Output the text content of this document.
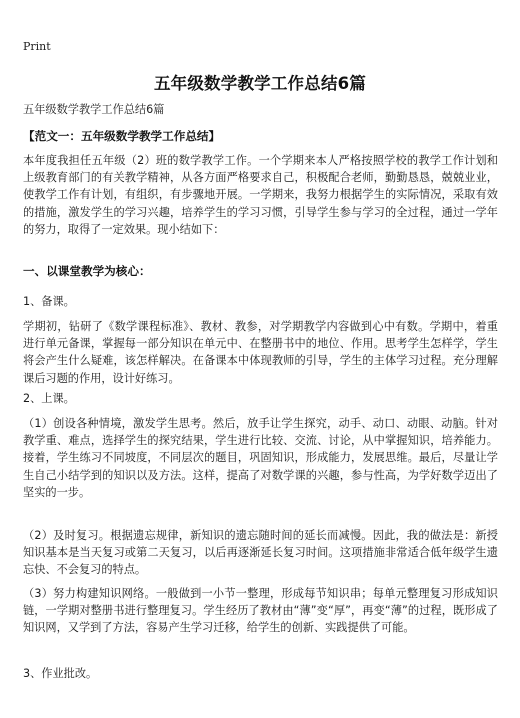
Print
五年级数学教学工作总结6篇
五年级数学教学工作总结6篇
【范文一：五年级数学教学工作总结】

本年度我担任五年级（2）班的数学教学工作。一个学期来本人严格按照学校的教学工作计划和上级教育部门的有关教学精神，从各方面严格要求自己，积极配合老师，勤勤恳恳，兢兢业业，使教学工作有计划，有组织，有步骤地开展。一学期来，我努力根据学生的实际情况，采取有效的措施，激发学生的学习兴趣，培养学生的学习习惯，引导学生参与学习的全过程，通过一学年的努力，取得了一定效果。现小结如下：

一、以课堂教学为核心：
1、备课。

学期初，钻研了《数学课程标准》、教材、教参，对学期教学内容做到心中有数。学期中，着重进行单元备课，掌握每一部分知识在单元中、在整册书中的地位、作用。思考学生怎样学，学生将会产生什么疑难，该怎样解决。在备课本中体现教师的引导，学生的主体学习过程。充分理解课后习题的作用，设计好练习。

2、上课。

（1）创设各种情境，激发学生思考。然后，放手让学生探究，动手、动口、动眼、动脑。针对教学重、难点，选择学生的探究结果，学生进行比较、交流、讨论，从中掌握知识，培养能力。接着，学生练习不同坡度，不同层次的题目，巩固知识，形成能力，发展思维。最后，尽量让学生自己小结学到的知识以及方法。这样，提高了对数学课的兴趣，参与性高，为学好数学迈出了坚实的一步。

（2）及时复习。根据遗忘规律，新知识的遗忘随时间的延长而减慢。因此，我的做法是：新授知识基本是当天复习或第二天复习，以后再逐渐延长复习时间。这项措施非常适合低年级学生遗忘快、不会复习的特点。

（3）努力构建知识网络。一般做到一小节一整理，形成每节知识串；每单元整理复习形成知识链，一学期对整册书进行整理复习。学生经历了教材由“薄”变“厚”，再变“薄”的过程，既形成了知识网，又学到了方法，容易产生学习迁移，给学生的创新、实践提供了可能。

3、作业批改。
